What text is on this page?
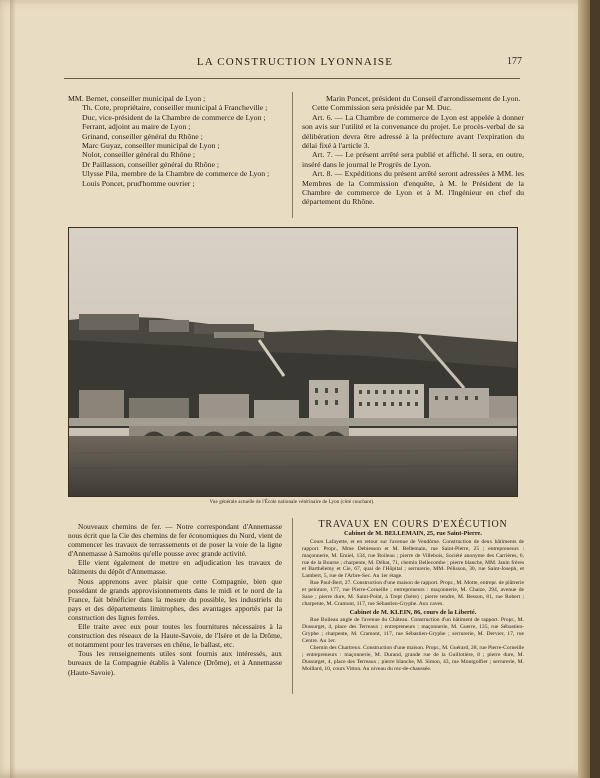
LA CONSTRUCTION LYONNAISE	177

MM. Bernet, conseiller municipal de Lyon ;

Th. Cote, propriétaire, conseiller municipal à Francheville ;

Duc, vice-président de la Chambre de commerce de Lyon ;

Ferrant, adjoint au maire de Lyon ;

Grinand, conseiller général du Rhône ;

Marc Guyaz, conseiller municipal de Lyon ;

Nolot, conseiller général du Rhône ;

Dr Paillasson, conseiller général du Rhône ;

Ulysse Pila, membre de la Chambre de commerce de Lyon ;

Louis Poncet, prud'homme ouvrier ;

Marin Poncet, président du Conseil d'arrondissement de Lyon.

Cette Commission sera présidée par M. Duc.

Art. 6. — La Chambre de commerce de Lyon est appelée à donner son avis sur l'utilité et la convenance du projet. Le procès-verbal de sa délibération devra être adressé à la préfecture avant l'expiration du délai fixé à l'article 3.

Art. 7. — Le présent arrêté sera publié et affiché. Il sera, en outre, inséré dans le journal le Progrès de Lyon.

Art. 8. — Expéditions du présent arrêté seront adressées à MM. les Membres de la Commission d'enquête, à M. le Président de la Chambre de commerce de Lyon et à M. l'Ingénieur en chef du département du Rhône.

Vue générale actuelle de l'École nationale vétérinaire de Lyon (côté couchant).

Nouveaux chemins de fer. — Notre correspondant d'Annemasse nous écrit que la Cie des chemins de fer économiques du Nord, vient de commencer les travaux de terrassements et de poser la voie de la ligne d'Annemasse à Samoëns qu'elle pousse avec grande activité.

Elle vient également de mettre en adjudication les travaux de bâtiments du dépôt d'Annemasse.

Nous apprenons avec plaisir que cette Compagnie, bien que possédant de grands approvisionnements dans le midi et le nord de la France, fait bénéficier dans la mesure du possible, les industriels du pays et des départements limitrophes, des avantages apportés par la construction des lignes ferrées.

Elle traite avec eux pour toutes les fournitures nécessaires à la construction des réseaux de la Haute-Savoie, de l'Isère et de la Drôme, et notamment pour les traverses en chêne, le ballast, etc.

Tous les renseignements utiles sont fournis aux intéressés, aux bureaux de la Compagnie établis à Valence (Drôme), et à Annemasse (Haute-Savoie).

TRAVAUX EN COURS D'EXÉCUTION

Cabinet de M. BELLEMAIN, 25, rue Saint-Pierre.

Cours Lafayette, et en retour sur l'avenue de Vendôme. Construction de deux bâtiments de rapport. Propr., Mme Debiesson et M. Bellemain, rue Saint-Pierre, 25 ; entrepreneurs : maçonnerie, M. Emiel, 134, rue Boileau ; pierre de Villebois, Société anonyme des Carrières, 6, rue de la Bourse ; charpente, M. Débat, 71, chemin Bellecombe ; pierre blanche, MM. Janin frères et Barthélemy et Cie, 67, quai de l'Hôpital ; serrurerie, MM. Pélisson, 30, rue Saint-Joseph, et Lambert, 5, rue de l'Arbre-Sec. Au 1er étage.

Rue Paul-Bert, 27. Construction d'une maison de rapport. Propr., M. Motte, entrepr. de plâtrerie et peinture, 177, rue Pierre-Corneille ; entrepreneurs : maçonnerie, M. Chaize, 294, avenue de Saxe ; pierre dure, M. Saint-Point, à Trept (Isère) ; pierre tendre, M. Besson, 81, rue Robert ; charpente, M. Cramont, 117, rue Sébastien-Gryphe. Aux caves.

Cabinet de M. KLEIN, 86, cours de la Liberté.

Rue Boileau angle de l'avenue du Château. Construction d'un bâtiment de rapport. Propr., M. Dussurget, 4, place des Terreaux ; entrepreneurs : maçonnerie, M. Guerre, 135, rue Sébastien-Gryphe ; charpente, M. Cramont, 117, rue Sébastien-Gryphe ; serrurerie, M. Dervier, 17, rue Centre. Au 1er.

Chemin des Chartreux. Construction d'une maison. Propr., M. Guérard, 28, rue Pierre-Corneille ; entrepreneurs : maçonnerie, M. Durand, grande rue de la Guillotière, 8 ; pierre dure, M. Dussurget, 4, place des Terreaux ; pierre blanche, M. Simon, 43, rue Montgolfier ; serrurerie, M. Moillard, 10, cours Vitton. Au niveau du rez-de-chaussée.
